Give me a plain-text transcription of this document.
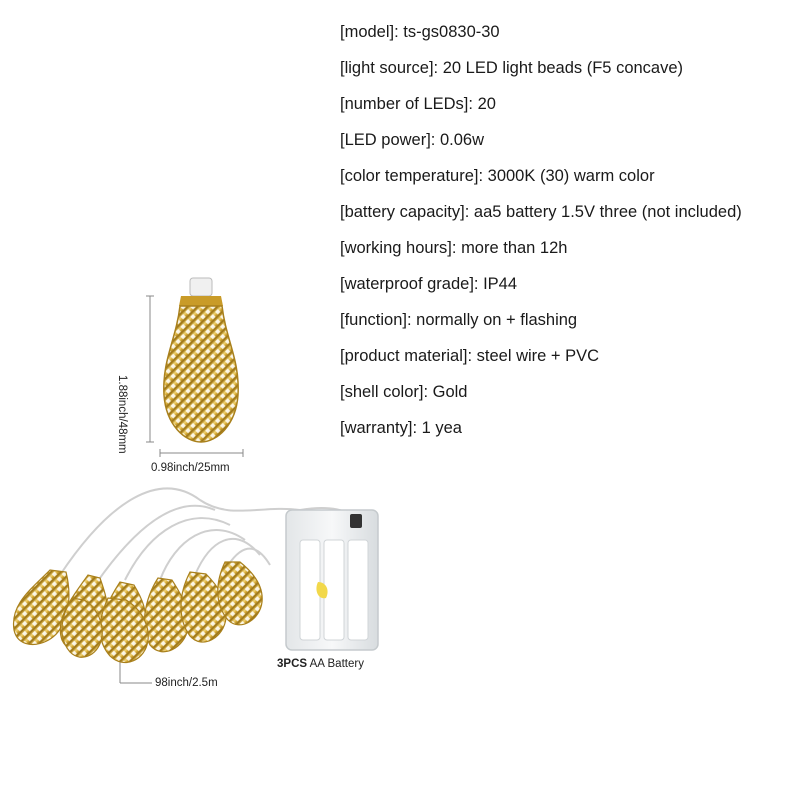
[model]: ts-gs0830-30
[light source]: 20 LED light beads (F5 concave)
[number of LEDs]: 20
[LED power]: 0.06w
[color temperature]: 3000K (30) warm color
[battery capacity]: aa5 battery 1.5V three (not included)
[working hours]: more than 12h
[waterproof grade]: IP44
[function]: normally on + flashing
[product material]: steel wire + PVC
[shell color]: Gold
[warranty]: 1 yea
1.88inch/48mm
0.98inch/25mm
98inch/2.5m
3PCS AA Battery
